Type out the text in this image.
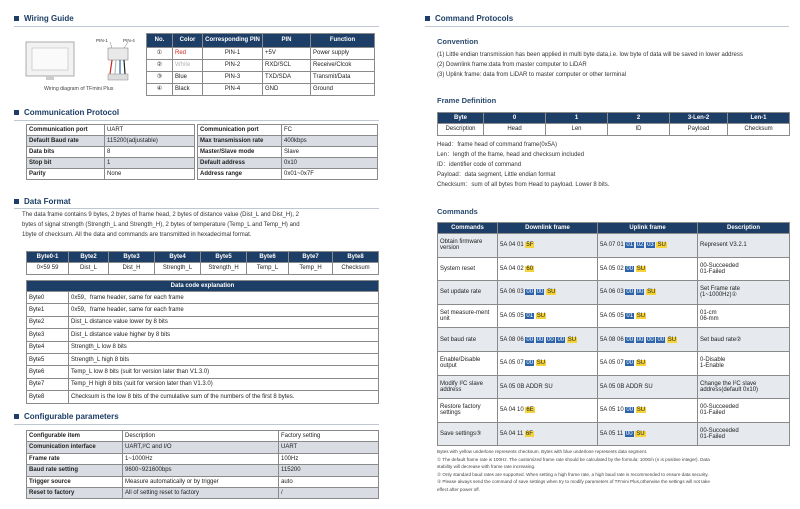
Wiring Guide
PIN-1	PIN-4
Wiring diagram of TFmini Plus
No.	Color	Corresponding PIN	PIN	Function
①	Red	PIN-1	+5V	Power supply
②	White	PIN-2	RXD/SCL	Receive/Clcok
③	Blue	PIN-3	TXD/SDA	Transmit/Data
④	Black	PIN-4	GND	Ground
Communication Protocol
Communication port	UART
Default Baud rate	115200(adjustable)
Data bits	8
Stop bit	1
Parity	None
Communication port	FC
Max transmission rate	400kbps
Master/Slave mode	Slave
Default address	0x10
Address range	0x01~0x7F
Data Format
The data frame contains 9 bytes, 2 bytes of frame head, 2 bytes of distance value (Dist_L and Dist_H), 2
bytes of signal strength (Strength_L and Strength_H), 2 bytes of temperature (Temp_L and Temp_H) and
1byte of checksum. All the data and commands are transmitted in hexadecimal format.
Byte0-1	Byte2	Byte3	Byte4	Byte5	Byte6	Byte7	Byte8
0×59 59	Dist_L	Dist_H	Strength_L	Strength_H	Temp_L	Temp_H	Checksum
Data code explanation	
Byte0	0x59，frame header, same for each frame
Byte1	0x59，frame header, same for each frame
Byte2	Dist_L distance value lower by 8 bits
Byte3	Dist_L distance value higher by 8 bits
Byte4	Strength_L low 8 bits
Byte5	Strength_L high 8 bits
Byte6	Temp_L low 8 bits (suit for version later than V1.3.0)
Byte7	Temp_H high 8 bits (suit for version later than V1.3.0)
Byte8	Checksum is the low 8 bits of the cumulative sum of the numbers of the first 8 bytes.
Configurable parameters
Configurable item	Description	Factory setting
Comunication interface	UART,I²C and I/O	UART
Frame rate	1~1000Hz	100Hz
Baud rate setting	9600~921600bps	115200
Trigger source	Measure automatically or by trigger	auto
Reset to factory	All of setting reset to factory	/
Command Protocols
Convention
(1) Little endian transmission has been applied in multi byte data,i.e. low byte of data will be saved in lower address
(2) Downlink frame:data from master computer to LiDAR
(3) Uplink frame: data from LiDAR to master computer or other terminal
Frame Definition
Byte	0	1	2	3-Len-2	Len-1
Description	Head	Len	ID	Payload	Checksum
Head：frame head of command frame(0x5A)
Len：length of the frame, head and checksum included
ID：identifier code of command
Payload：data segment, Little endian format
Checksum：sum of all bytes from Head to payload. Lower 8 bits.
Commands
Commands	Downlink frame	Uplink frame	Description
Obtain firmware version	5A 04 01 5F	5A 07 01 01 02 03 SU	Represent V3.2.1
System reset	5A 04 02 60	5A 05 02 00 SU	00-Succeeded
01-Failed
Set update rate	5A 06 03 00 00 SU	5A 06 03 00 00 SU	Set Frame rate
(1~1000Hz)①
Set measure-ment unit	5A 05 05 01 SU	5A 05 05 01 SU	01-cm
06-mm
Set baud rate	5A 08 06 00 00 00 00 SU	5A 08 06 00 00 00 00 SU	Set baud rate②
Enable/Disable output	5A 05 07 00 SU	5A 05 07 00 SU	0-Disable
1-Enable
Modify I²C slave address	5A 05 0B ADDR SU	5A 05 0B ADDR SU	Change the I²C slave address(default 0x10)
Restore factory settings	5A 04 10 6E	5A 05 10 00 SU	00-Succeeded
01-Failed
Save settings③	5A 04 11 6F	5A 05 11 00 SU	00-Succeeded
01-Failed
Bytes with yellow underlone represents checksum. Bytes with blue underlone represents data segment.
① The default frame rate is 100Hz. The customized frame rate should be calculated by the formula: 1000/n (n is positive integer). Data
stability will decrease with frame rate increasing.
② Only standard baud rates are supported. When setting a high frame rate, a high baud rate is recommended to ensure data security.
③ Please always send the command of save settings when try to modify parameters of TFmini Plus,otherwise the settings will not take
effect after power off.
